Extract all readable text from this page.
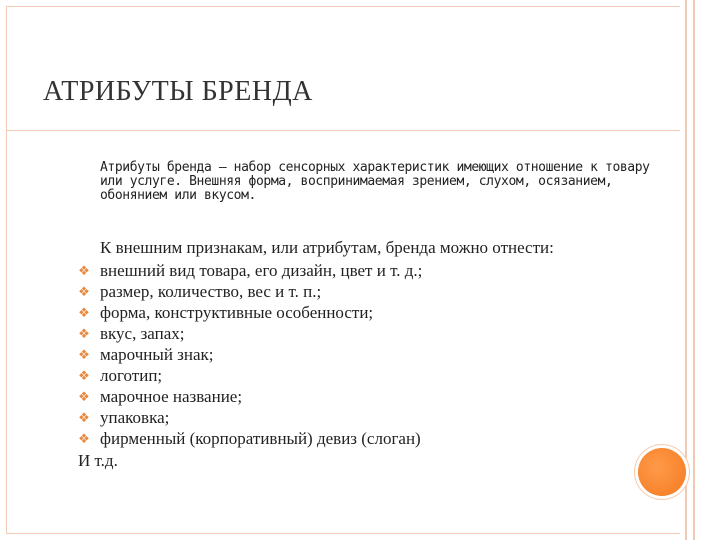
АТРИБУТЫ БРЕНДА
Атрибуты бренда – набор сенсорных характеристик имеющих отношение к товару или услуге. Внешняя форма, воспринимаемая зрением, слухом, осязанием, обонянием или вкусом.
К внешним признакам, или атрибутам, бренда можно отнести:
❖ внешний вид товара, его дизайн, цвет и т. д.;
❖ размер, количество, вес и т. п.;
❖ форма, конструктивные особенности;
❖ вкус, запах;
❖ марочный знак;
❖ логотип;
❖ марочное название;
❖ упаковка;
❖ фирменный (корпоративный) девиз (слоган)
И т.д.
